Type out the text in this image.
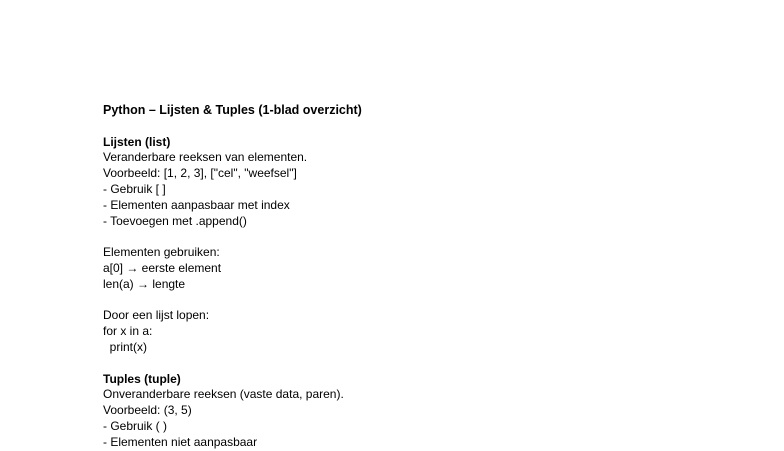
Python – Lijsten & Tuples (1-blad overzicht)
Lijsten (list)
Veranderbare reeksen van elementen.
Voorbeeld: [1, 2, 3], ["cel", "weefsel"]
- Gebruik [ ]
- Elementen aanpasbaar met index
- Toevoegen met .append()
Elementen gebruiken:
a[0] → eerste element
len(a) → lengte
Door een lijst lopen:
for x in a:
print(x)
Tuples (tuple)
Onveranderbare reeksen (vaste data, paren).
Voorbeeld: (3, 5)
- Gebruik ( )
- Elementen niet aanpasbaar
